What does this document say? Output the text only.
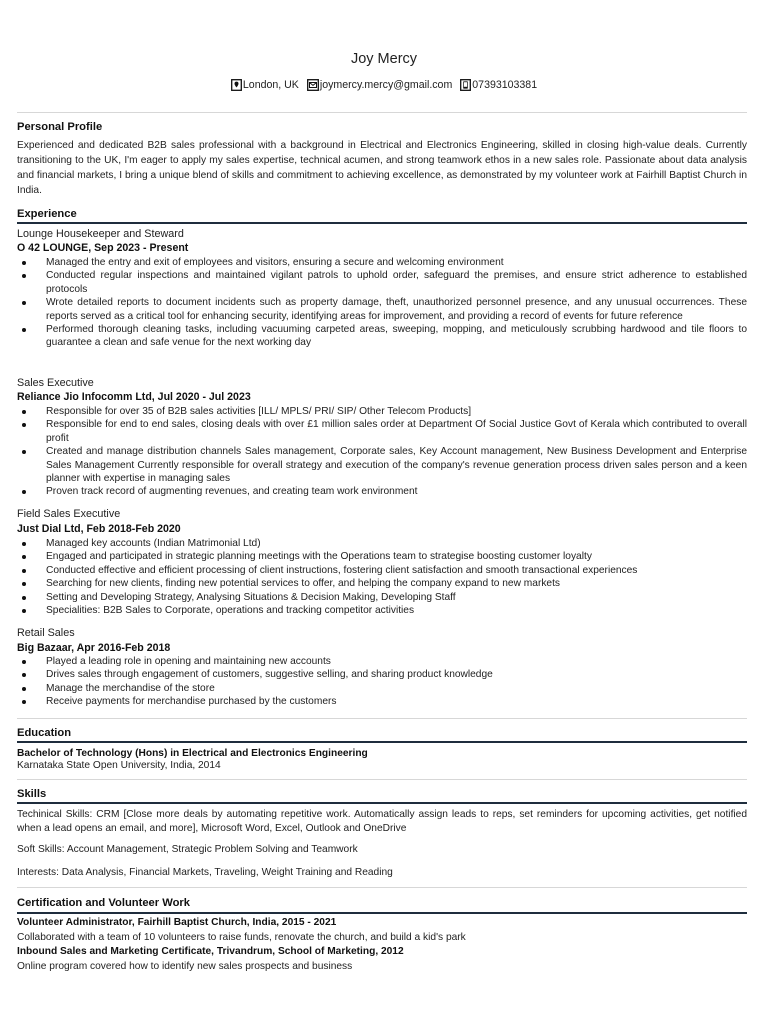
Joy Mercy
London, UK joymercy.mercy@gmail.com 07393103381
Personal Profile
Experienced and dedicated B2B sales professional with a background in Electrical and Electronics Engineering, skilled in closing high-value deals. Currently transitioning to the UK, I'm eager to apply my sales expertise, technical acumen, and strong teamwork ethos in a new sales role. Passionate about data analysis and financial markets, I bring a unique blend of skills and commitment to achieving excellence, as demonstrated by my volunteer work at Fairhill Baptist Church in India.
Experience
Lounge Housekeeper and Steward
O 42 LOUNGE, Sep 2023 - Present
Managed the entry and exit of employees and visitors, ensuring a secure and welcoming environment
Conducted regular inspections and maintained vigilant patrols to uphold order, safeguard the premises, and ensure strict adherence to established protocols
Wrote detailed reports to document incidents such as property damage, theft, unauthorized personnel presence, and any unusual occurrences. These reports served as a critical tool for enhancing security, identifying areas for improvement, and providing a record of events for future reference
Performed thorough cleaning tasks, including vacuuming carpeted areas, sweeping, mopping, and meticulously scrubbing hardwood and tile floors to guarantee a clean and safe venue for the next working day
Sales Executive
Reliance Jio Infocomm Ltd, Jul 2020 - Jul 2023
Responsible for over 35 of B2B sales activities [ILL/ MPLS/ PRI/ SIP/ Other Telecom Products]
Responsible for end to end sales, closing deals with over £1 million sales order at Department Of Social Justice Govt of Kerala which contributed to overall profit
Created and manage distribution channels Sales management, Corporate sales, Key Account management, New Business Development and Enterprise Sales Management Currently responsible for overall strategy and execution of the company's revenue generation process driven sales person and a keen planner with expertise in managing sales
Proven track record of augmenting revenues, and creating team work environment
Field Sales Executive
Just Dial Ltd, Feb 2018-Feb 2020
Managed key accounts (Indian Matrimonial Ltd)
Engaged and participated in strategic planning meetings with the Operations team to strategise boosting customer loyalty
Conducted effective and efficient processing of client instructions, fostering client satisfaction and smooth transactional experiences
Searching for new clients, finding new potential services to offer, and helping the company expand to new markets
Setting and Developing Strategy, Analysing Situations & Decision Making, Developing Staff
Specialities: B2B Sales to Corporate, operations and tracking competitor activities
Retail Sales
Big Bazaar, Apr 2016-Feb 2018
Played a leading role in opening and maintaining new accounts
Drives sales through engagement of customers, suggestive selling, and sharing product knowledge
Manage the merchandise of the store
Receive payments for merchandise purchased by the customers
Education
Bachelor of Technology (Hons) in Electrical and Electronics Engineering
Karnataka State Open University, India, 2014
Skills
Techinical Skills: CRM [Close more deals by automating repetitive work. Automatically assign leads to reps, set reminders for upcoming activities, get notified when a lead opens an email, and more], Microsoft Word, Excel, Outlook and OneDrive
Soft Skills: Account Management, Strategic Problem Solving and Teamwork
Interests: Data Analysis, Financial Markets, Traveling, Weight Training and Reading
Certification and Volunteer Work
Volunteer Administrator, Fairhill Baptist Church, India, 2015 - 2021
Collaborated with a team of 10 volunteers to raise funds, renovate the church, and build a kid's park
Inbound Sales and Marketing Certificate, Trivandrum, School of Marketing, 2012
Online program covered how to identify new sales prospects and business
